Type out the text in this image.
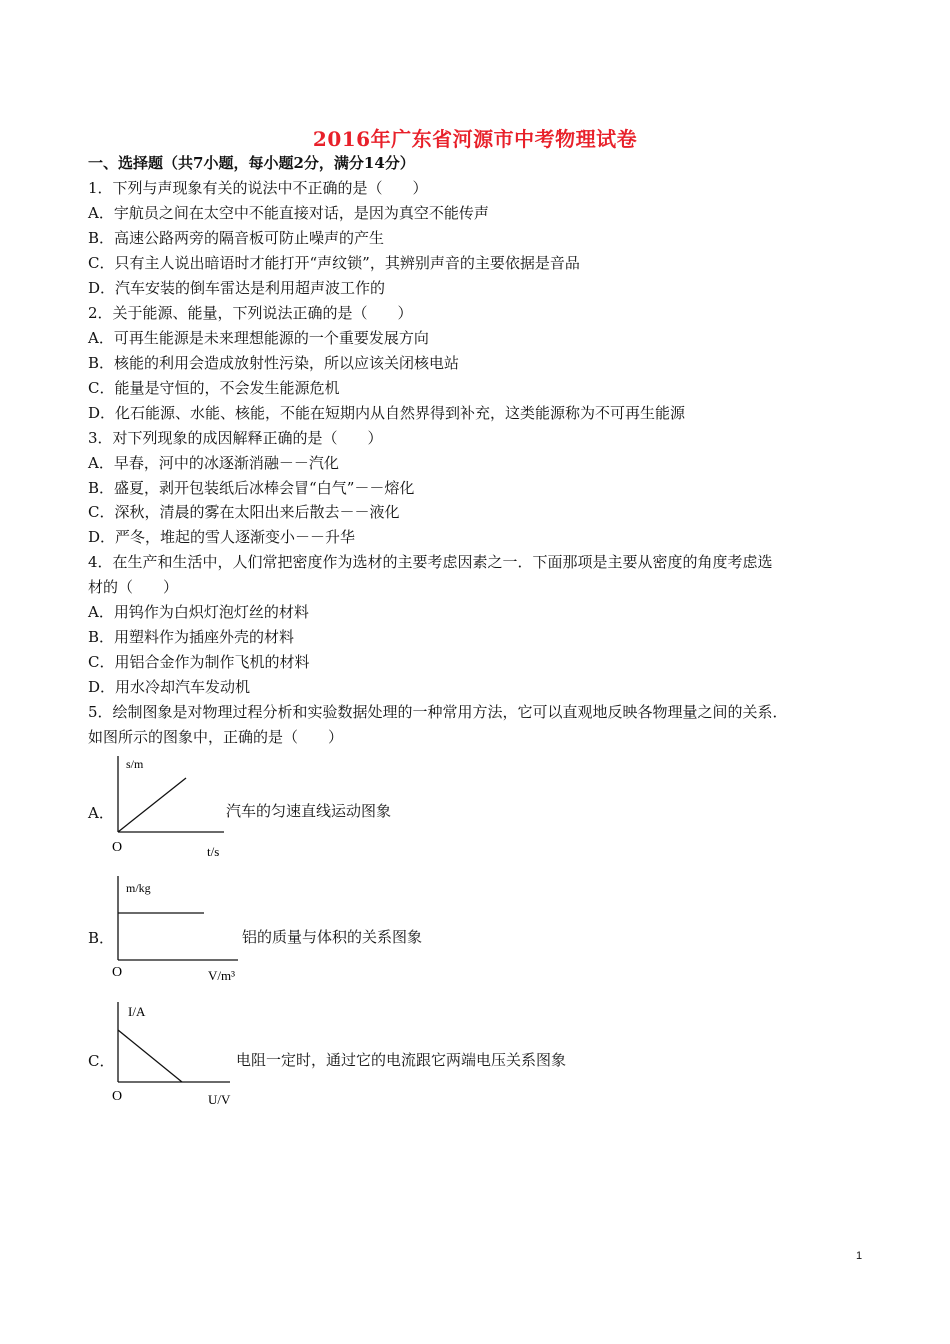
2016年广东省河源市中考物理试卷
一、选择题（共7小题，每小题2分，满分14分）
1．下列与声现象有关的说法中不正确的是（　　）
A．宇航员之间在太空中不能直接对话，是因为真空不能传声
B．高速公路两旁的隔音板可防止噪声的产生
C．只有主人说出暗语时才能打开“声纹锁”，其辨别声音的主要依据是音品
D．汽车安装的倒车雷达是利用超声波工作的
2．关于能源、能量，下列说法正确的是（　　）
A．可再生能源是未来理想能源的一个重要发展方向
B．核能的利用会造成放射性污染，所以应该关闭核电站
C．能量是守恒的，不会发生能源危机
D．化石能源、水能、核能，不能在短期内从自然界得到补充，这类能源称为不可再生能源
3．对下列现象的成因解释正确的是（　　）
A．早春，河中的冰逐渐消融－－汽化
B．盛夏，剥开包装纸后冰棒会冒“白气”－－熔化
C．深秋，清晨的雾在太阳出来后散去－－液化
D．严冬，堆起的雪人逐渐变小－－升华
4．在生产和生活中，人们常把密度作为选材的主要考虑因素之一．下面那项是主要从密度的角度考虑选
材的（　　）
A．用钨作为白炽灯泡灯丝的材料
B．用塑料作为插座外壳的材料
C．用铝合金作为制作飞机的材料
D．用水冷却汽车发动机
5．绘制图象是对物理过程分析和实验数据处理的一种常用方法，它可以直观地反映各物理量之间的关系．
如图所示的图象中，正确的是（　　）
A．
s/m
O	t/s
汽车的匀速直线运动图象
B．
m/kg
O	V/m³
铝的质量与体积的关系图象
C．
I/A
O	U/V
电阻一定时，通过它的电流跟它两端电压关系图象
1
